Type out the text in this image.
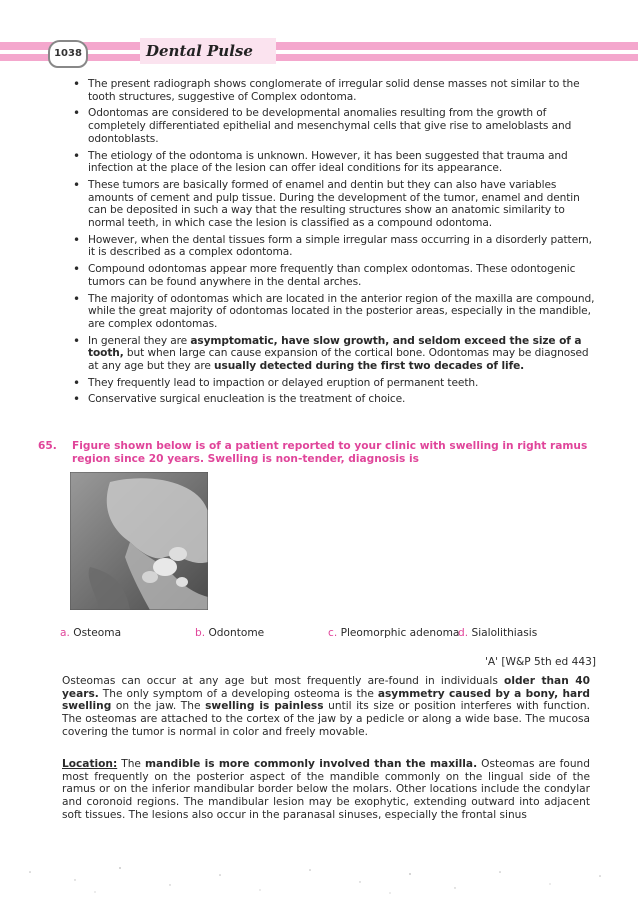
1038	Dental Pulse
• The present radiograph shows conglomerate of irregular solid dense masses not similar to the tooth structures, suggestive of Complex odontoma.
• Odontomas are considered to be developmental anomalies resulting from the growth of completely differentiated epithelial and mesenchymal cells that give rise to ameloblasts and odontoblasts.
• The etiology of the odontoma is unknown. However, it has been suggested that trauma and infection at the place of the lesion can offer ideal conditions for its appearance.
• These tumors are basically formed of enamel and dentin but they can also have variables amounts of cement and pulp tissue. During the development of the tumor, enamel and dentin can be deposited in such a way that the resulting structures show an anatomic similarity to normal teeth, in which case the lesion is classified as a compound odontoma.
• However, when the dental tissues form a simple irregular mass occurring in a disorderly pattern, it is described as a complex odontoma.
• Compound odontomas appear more frequently than complex odontomas. These odontogenic tumors can be found anywhere in the dental arches.
• The majority of odontomas which are located in the anterior region of the maxilla are compound, while the great majority of odontomas located in the posterior areas, especially in the mandible, are complex odontomas.
• In general they are asymptomatic, have slow growth, and seldom exceed the size of a tooth, but when large can cause expansion of the cortical bone. Odontomas may be diagnosed at any age but they are usually detected during the first two decades of life.
• They frequently lead to impaction or delayed eruption of permanent teeth.
• Conservative surgical enucleation is the treatment of choice.
65. Figure shown below is of a patient reported to your clinic with swelling in right ramus region since 20 years. Swelling is non-tender, diagnosis is
a. Osteoma	b. Odontome	c. Pleomorphic adenoma
d. Sialolithiasis
'A' [W&P 5th ed 443]
Osteomas can occur at any age but most frequently are-found in individuals older than 40 years. The only symptom of a developing osteoma is the asymmetry caused by a bony, hard swelling on the jaw. The swelling is painless until its size or position interferes with function. The osteomas are attached to the cortex of the jaw by a pedicle or along a wide base. The mucosa covering the tumor is normal in color and freely movable.
Location: The mandible is more commonly involved than the maxilla. Osteomas are found most frequently on the posterior aspect of the mandible commonly on the lingual side of the ramus or on the inferior mandibular border below the molars. Other locations include the condylar and coronoid regions. The mandibular lesion may be exophytic, extending outward into adjacent soft tissues. The lesions also occur in the paranasal sinuses, especially the frontal sinus
